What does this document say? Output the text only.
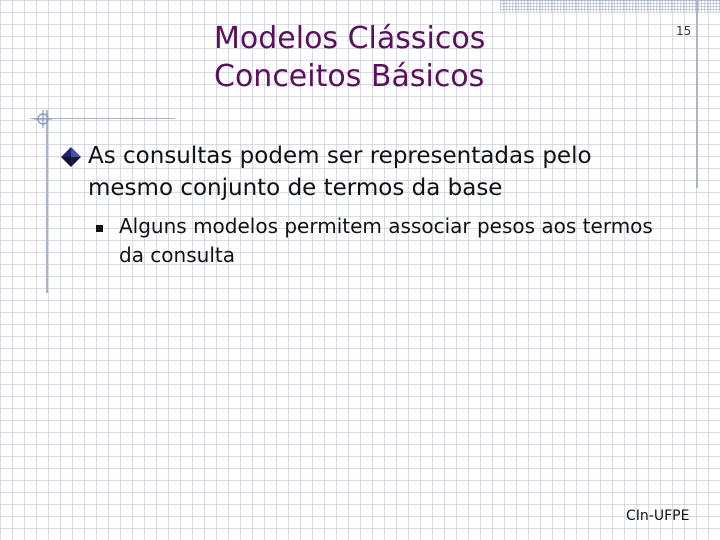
Modelos Clássicos
Conceitos Básicos
15
As consultas podem ser representadas pelo mesmo conjunto de termos da base
Alguns modelos permitem associar pesos aos termos da consulta
CIn-UFPE
